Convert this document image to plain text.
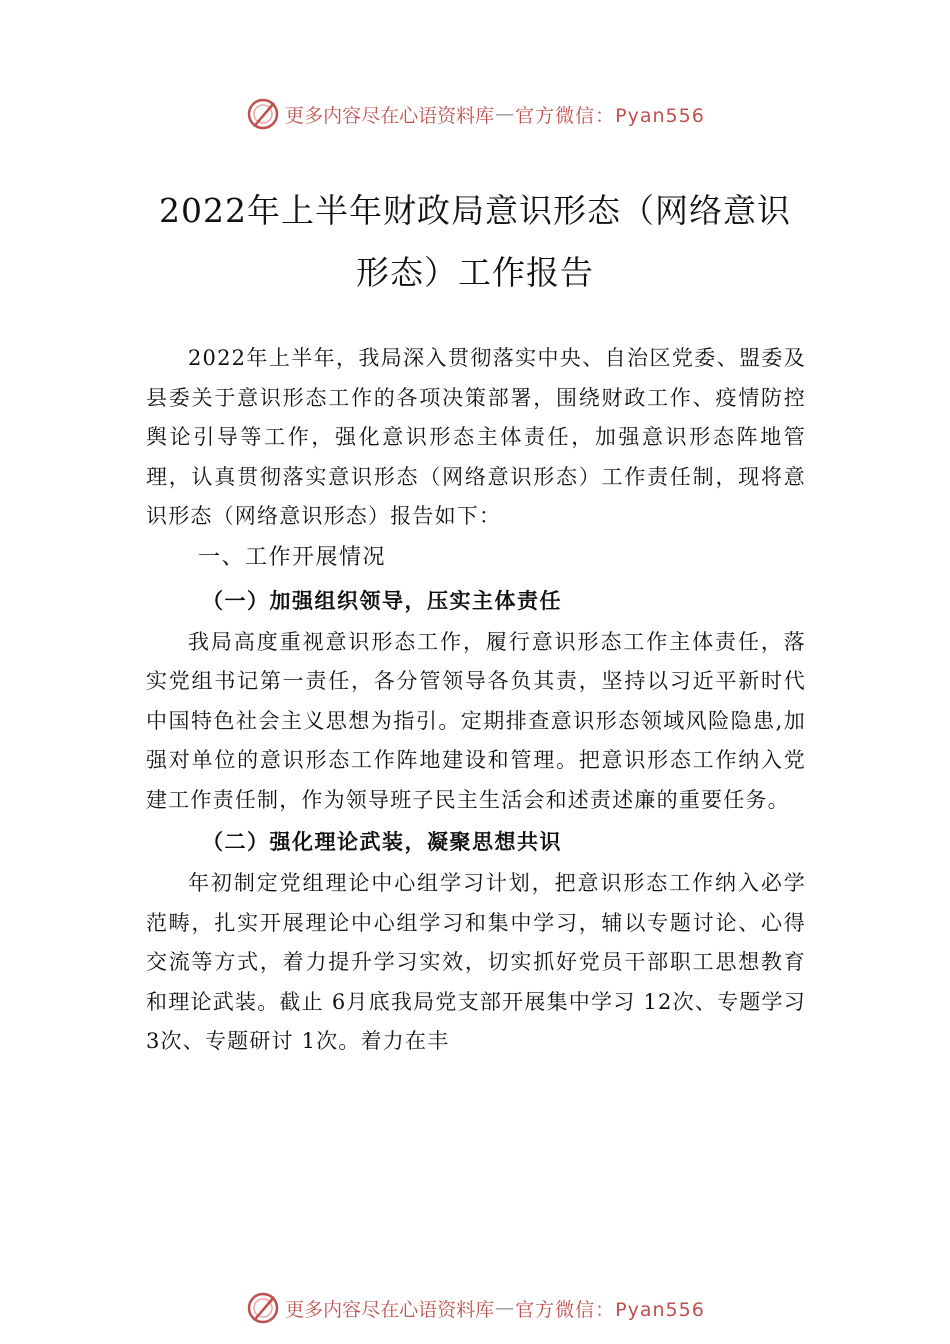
更多内容尽在心语资料库 — 官方微信：Pyan556
2022年上半年财政局意识形态（网络意识
形态）工作报告

2022年上半年，我局深入贯彻落实中央、自治区党委、盟委及县委关于意识形态工作的各项决策部署，围绕财政工作、疫情防控舆论引导等工作，强化意识形态主体责任，加强意识形态阵地管理，认真贯彻落实意识形态（网络意识形态）工作责任制，现将意识形态（网络意识形态）报告如下：

一、工作开展情况

（一）加强组织领导，压实主体责任

我局高度重视意识形态工作，履行意识形态工作主体责任，落实党组书记第一责任，各分管领导各负其责，坚持以习近平新时代中国特色社会主义思想为指引。定期排查意识形态领域风险隐患,加强对单位的意识形态工作阵地建设和管理。把意识形态工作纳入党建工作责任制，作为领导班子民主生活会和述责述廉的重要任务。

（二）强化理论武装，凝聚思想共识

年初制定党组理论中心组学习计划，把意识形态工作纳入必学范畴，扎实开展理论中心组学习和集中学习，辅以专题讨论、心得交流等方式，着力提升学习实效，切实抓好党员干部职工思想教育和理论武装。截止 6月底我局党支部开展集中学习 12次、专题学习 3次、专题研讨 1次。着力在丰

更多内容尽在心语资料库 — 官方微信：Pyan556
